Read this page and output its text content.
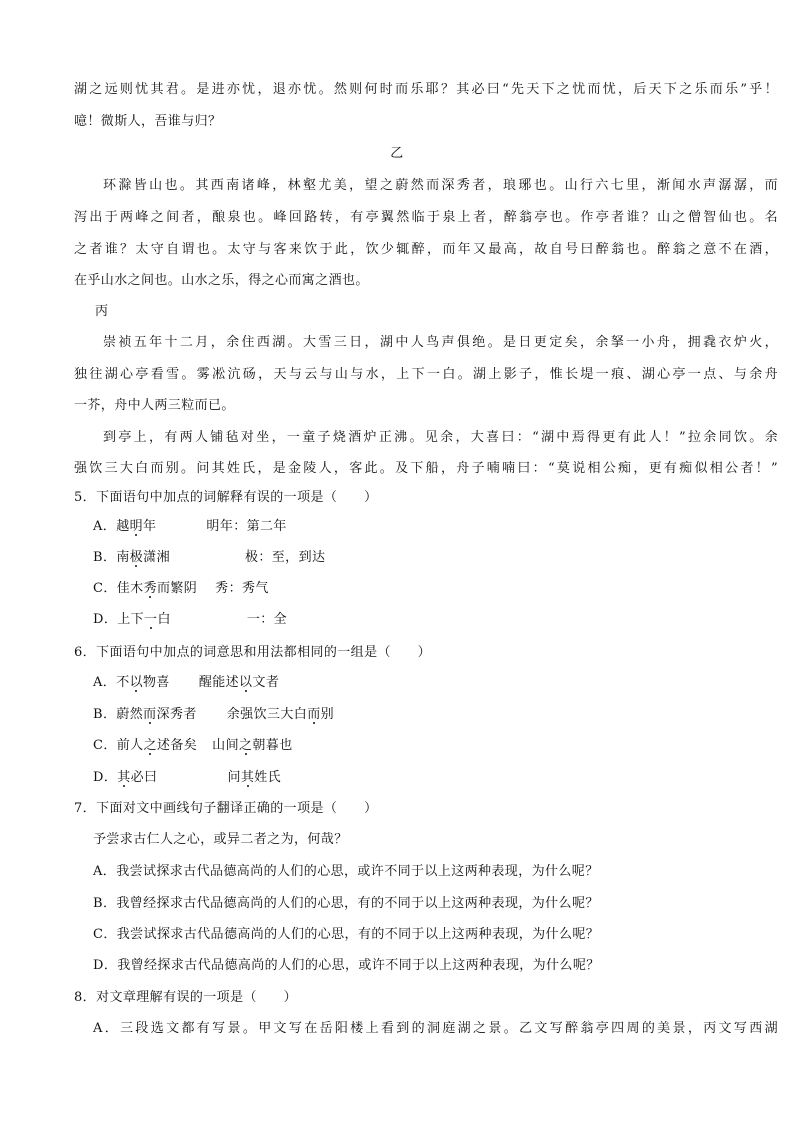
湖之远则忧其君。是进亦忧，退亦忧。然则何时而乐耶？其必曰“先天下之忧而忧，后天下之乐而乐”乎！
噫！微斯人，吾谁与归？
乙
环滁皆山也。其西南诸峰，林壑尤美，望之蔚然而深秀者，琅琊也。山行六七里，渐闻水声潺潺，而
泻出于两峰之间者，酿泉也。峰回路转，有亭翼然临于泉上者，醉翁亭也。作亭者谁？山之僧智仙也。名
之者谁？太守自谓也。太守与客来饮于此，饮少辄醉，而年又最高，故自号曰醉翁也。醉翁之意不在酒，
在乎山水之间也。山水之乐，得之心而寓之酒也。
丙
崇祯五年十二月，余住西湖。大雪三日，湖中人鸟声俱绝。是日更定矣，余拏一小舟，拥毳衣炉火，
独往湖心亭看雪。雾凇沆砀，天与云与山与水，上下一白。湖上影子，惟长堤一痕、湖心亭一点、与余舟
一芥，舟中人两三粒而已。
到亭上，有两人铺毡对坐，一童子烧酒炉正沸。见余，大喜曰：“湖中焉得更有此人！”拉余同饮。余
强饮三大白而别。问其姓氏，是金陵人，客此。及下船，舟子喃喃曰：“莫说相公痴，更有痴似相公者！”
5．下面语句中加点的词解释有误的一项是（　　）
A．越明年	明年：第二年
B．南极潇湘	极：至，到达
C．佳木秀而繁阴 秀：秀气
D．上下一白	一：全
6．下面语句中加点的词意思和用法都相同的一组是（　　）
A．不以物喜 醒能述以文者
B．蔚然而深秀者 余强饮三大白而别
C．前人之述备矣 山间之朝暮也
D．其必曰	问其姓氏
7．下面对文中画线句子翻译正确的一项是（　　）
予尝求古仁人之心，或异二者之为，何哉？
A．我尝试探求古代品德高尚的人们的心思，或许不同于以上这两种表现，为什么呢？
B．我曾经探求古代品德高尚的人们的心思，有的不同于以上这两种表现，为什么呢？
C．我尝试探求古代品德高尚的人们的心思，有的不同于以上这两种表现，为什么呢？
D．我曾经探求古代品德高尚的人们的心思，或许不同于以上这两种表现，为什么呢？
8．对文章理解有误的一项是（　　）
A．三段选文都有写景。甲文写在岳阳楼上看到的洞庭湖之景。乙文写醉翁亭四周的美景，丙文写西湖
